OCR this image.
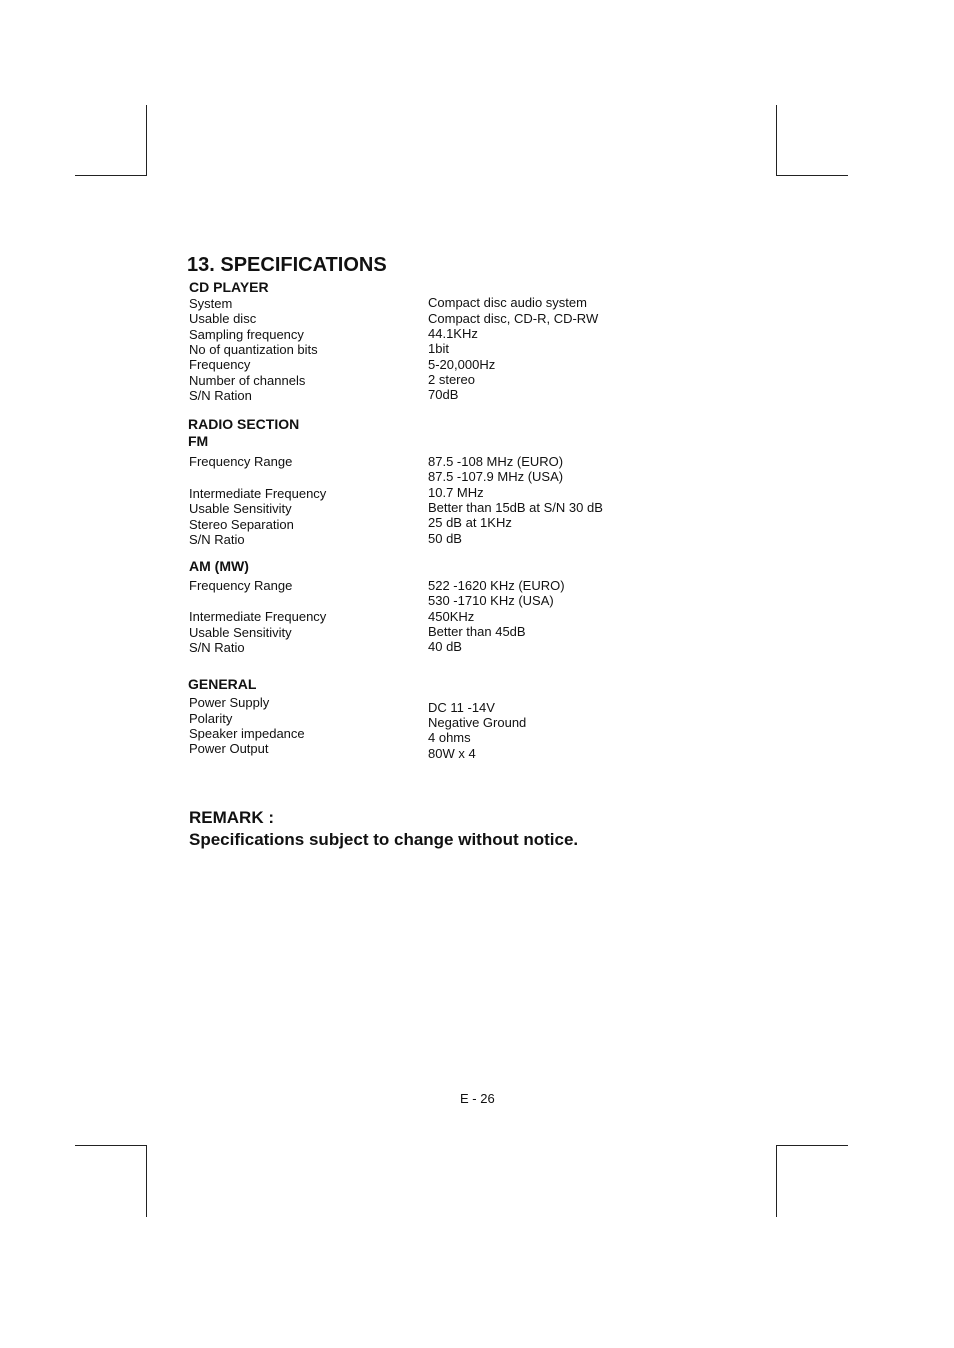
13. SPECIFICATIONS
CD PLAYER
System
Usable disc
Sampling frequency
No of quantization bits
Frequency
Number of channels
S/N Ration
Compact disc audio system
Compact disc, CD-R, CD-RW
44.1KHz
1bit
5-20,000Hz
2 stereo
70dB
RADIO SECTION
FM
Frequency Range
Intermediate Frequency
Usable Sensitivity
Stereo Separation
S/N Ratio
87.5 -108 MHz (EURO)
87.5 -107.9 MHz (USA)
10.7 MHz
Better than 15dB at S/N 30 dB
25 dB at 1KHz
50 dB
AM (MW)
Frequency Range
Intermediate Frequency
Usable Sensitivity
S/N Ratio
522 -1620 KHz (EURO)
530 -1710 KHz (USA)
450KHz
Better than 45dB
40 dB
GENERAL
Power Supply
Polarity
Speaker impedance
Power Output
DC 11 -14V
Negative Ground
4 ohms
80W x 4
REMARK :
Specifications subject to change without notice.
E - 26
